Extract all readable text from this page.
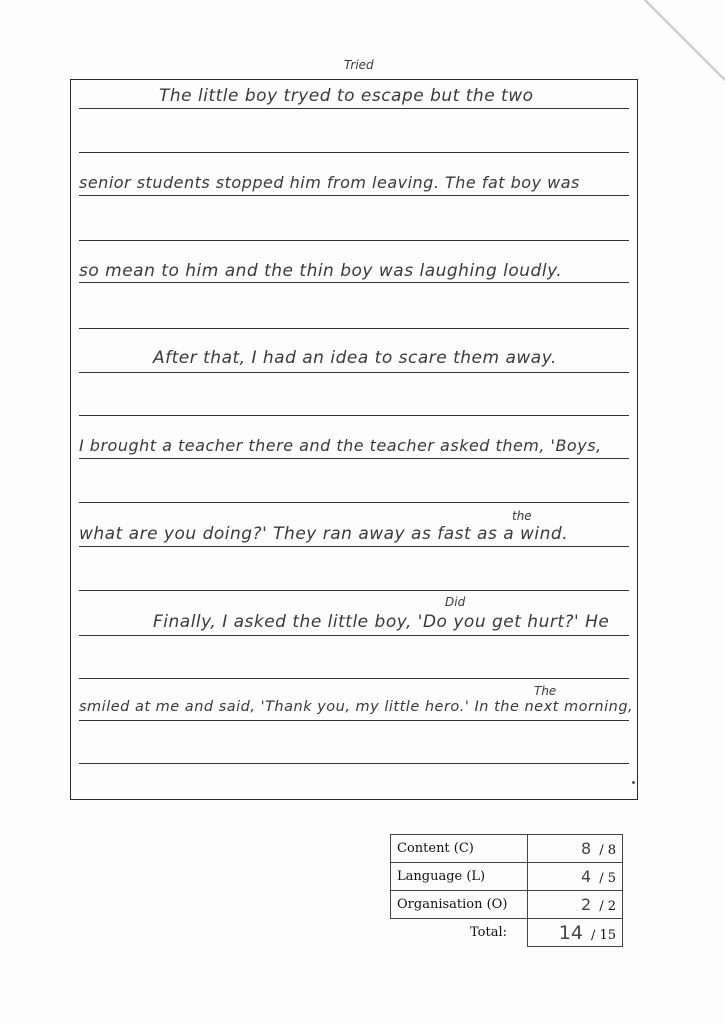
The little boy tryed to escape but the two
senior students stopped him from leaving. The fat boy was
so mean to him and the thin boy was laughing loudly.
After that, I had an idea to scare them away.
I brought a teacher there and the teacher asked them, 'Boys,
what are you doing?' They ran away as fast as a wind.
Finally, I asked the little boy, 'Do you get hurt?' He
smiled at me and said, 'Thank you, my little hero.' In the next morning,
Tried
the
Did
The
Content (C)	8 / 8
Language (L)	4 / 5
Organisation (O)	2 / 2
Total:	14 / 15
